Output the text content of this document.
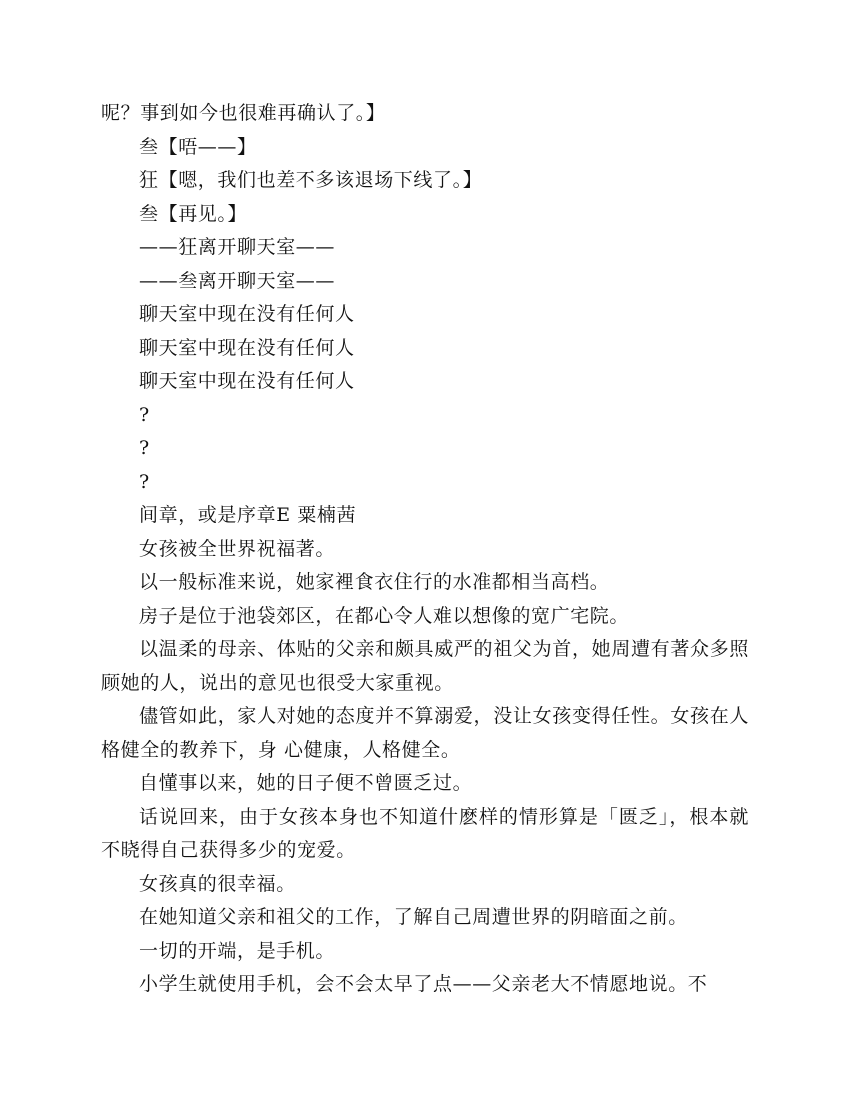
呢？事到如今也很难再确认了。】

叁【唔——】

狂【嗯，我们也差不多该退场下线了。】

叁【再见。】

——狂离开聊天室——

——叁离开聊天室——

聊天室中现在没有任何人

聊天室中现在没有任何人

聊天室中现在没有任何人

?

?

?

间章，或是序章E 粟楠茜

女孩被全世界祝福著。

以一般标准来说，她家裡食衣住行的水准都相当高档。

房子是位于池袋郊区，在都心令人难以想像的宽广宅院。

以温柔的母亲、体贴的父亲和颇具威严的祖父为首，她周遭有著众多照顾她的人，说出的意见也很受大家重视。

儘管如此，家人对她的态度并不算溺爱，没让女孩变得任性。女孩在人格健全的教养下，身 心健康，人格健全。

自懂事以来，她的日子便不曾匮乏过。

话说回来，由于女孩本身也不知道什麽样的情形算是「匮乏」，根本就不晓得自己获得多少的宠爱。

女孩真的很幸福。

在她知道父亲和祖父的工作，了解自己周遭世界的阴暗面之前。

一切的开端，是手机。

小学生就使用手机，会不会太早了点——父亲老大不情愿地说。不
